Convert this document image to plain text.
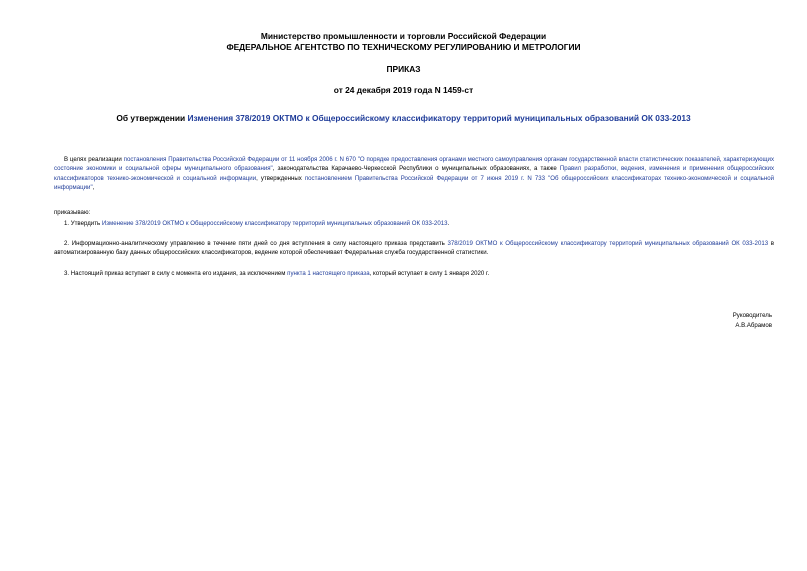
Министерство промышленности и торговли Российской Федерации
ФЕДЕРАЛЬНОЕ АГЕНТСТВО ПО ТЕХНИЧЕСКОМУ РЕГУЛИРОВАНИЮ И МЕТРОЛОГИИ
ПРИКАЗ
от 24 декабря 2019 года N 1459-ст
Об утверждении Изменения 378/2019 ОКТМО к Общероссийскому классификатору территорий муниципальных образований ОК 033-2013
В целях реализации постановления Правительства Российской Федерации от 11 ноября 2006 г. N 670 "О порядке предоставления органами местного самоуправления органам государственной власти статистических показателей, характеризующих состояние экономики и социальной сферы муниципального образования", законодательства Карачаево-Черкесской Республики о муниципальных образованиях, а также Правил разработки, ведения, изменения и применения общероссийских классификаторов технико-экономической и социальной информации, утвержденных постановлением Правительства Российской Федерации от 7 июня 2019 г. N 733 "Об общероссийских классификаторах технико-экономической и социальной информации",
приказываю:
1. Утвердить Изменение 378/2019 ОКТМО к Общероссийскому классификатору территорий муниципальных образований ОК 033-2013.
2. Информационно-аналитическому управлению в течение пяти дней со дня вступления в силу настоящего приказа представить 378/2019 ОКТМО к Общероссийскому классификатору территорий муниципальных образований ОК 033-2013 в автоматизированную базу данных общероссийских классификаторов, ведение которой обеспечивает Федеральная служба государственной статистики.
3. Настоящий приказ вступает в силу с момента его издания, за исключением пункта 1 настоящего приказа, который вступает в силу 1 января 2020 г.
Руководитель
А.В.Абрамов
